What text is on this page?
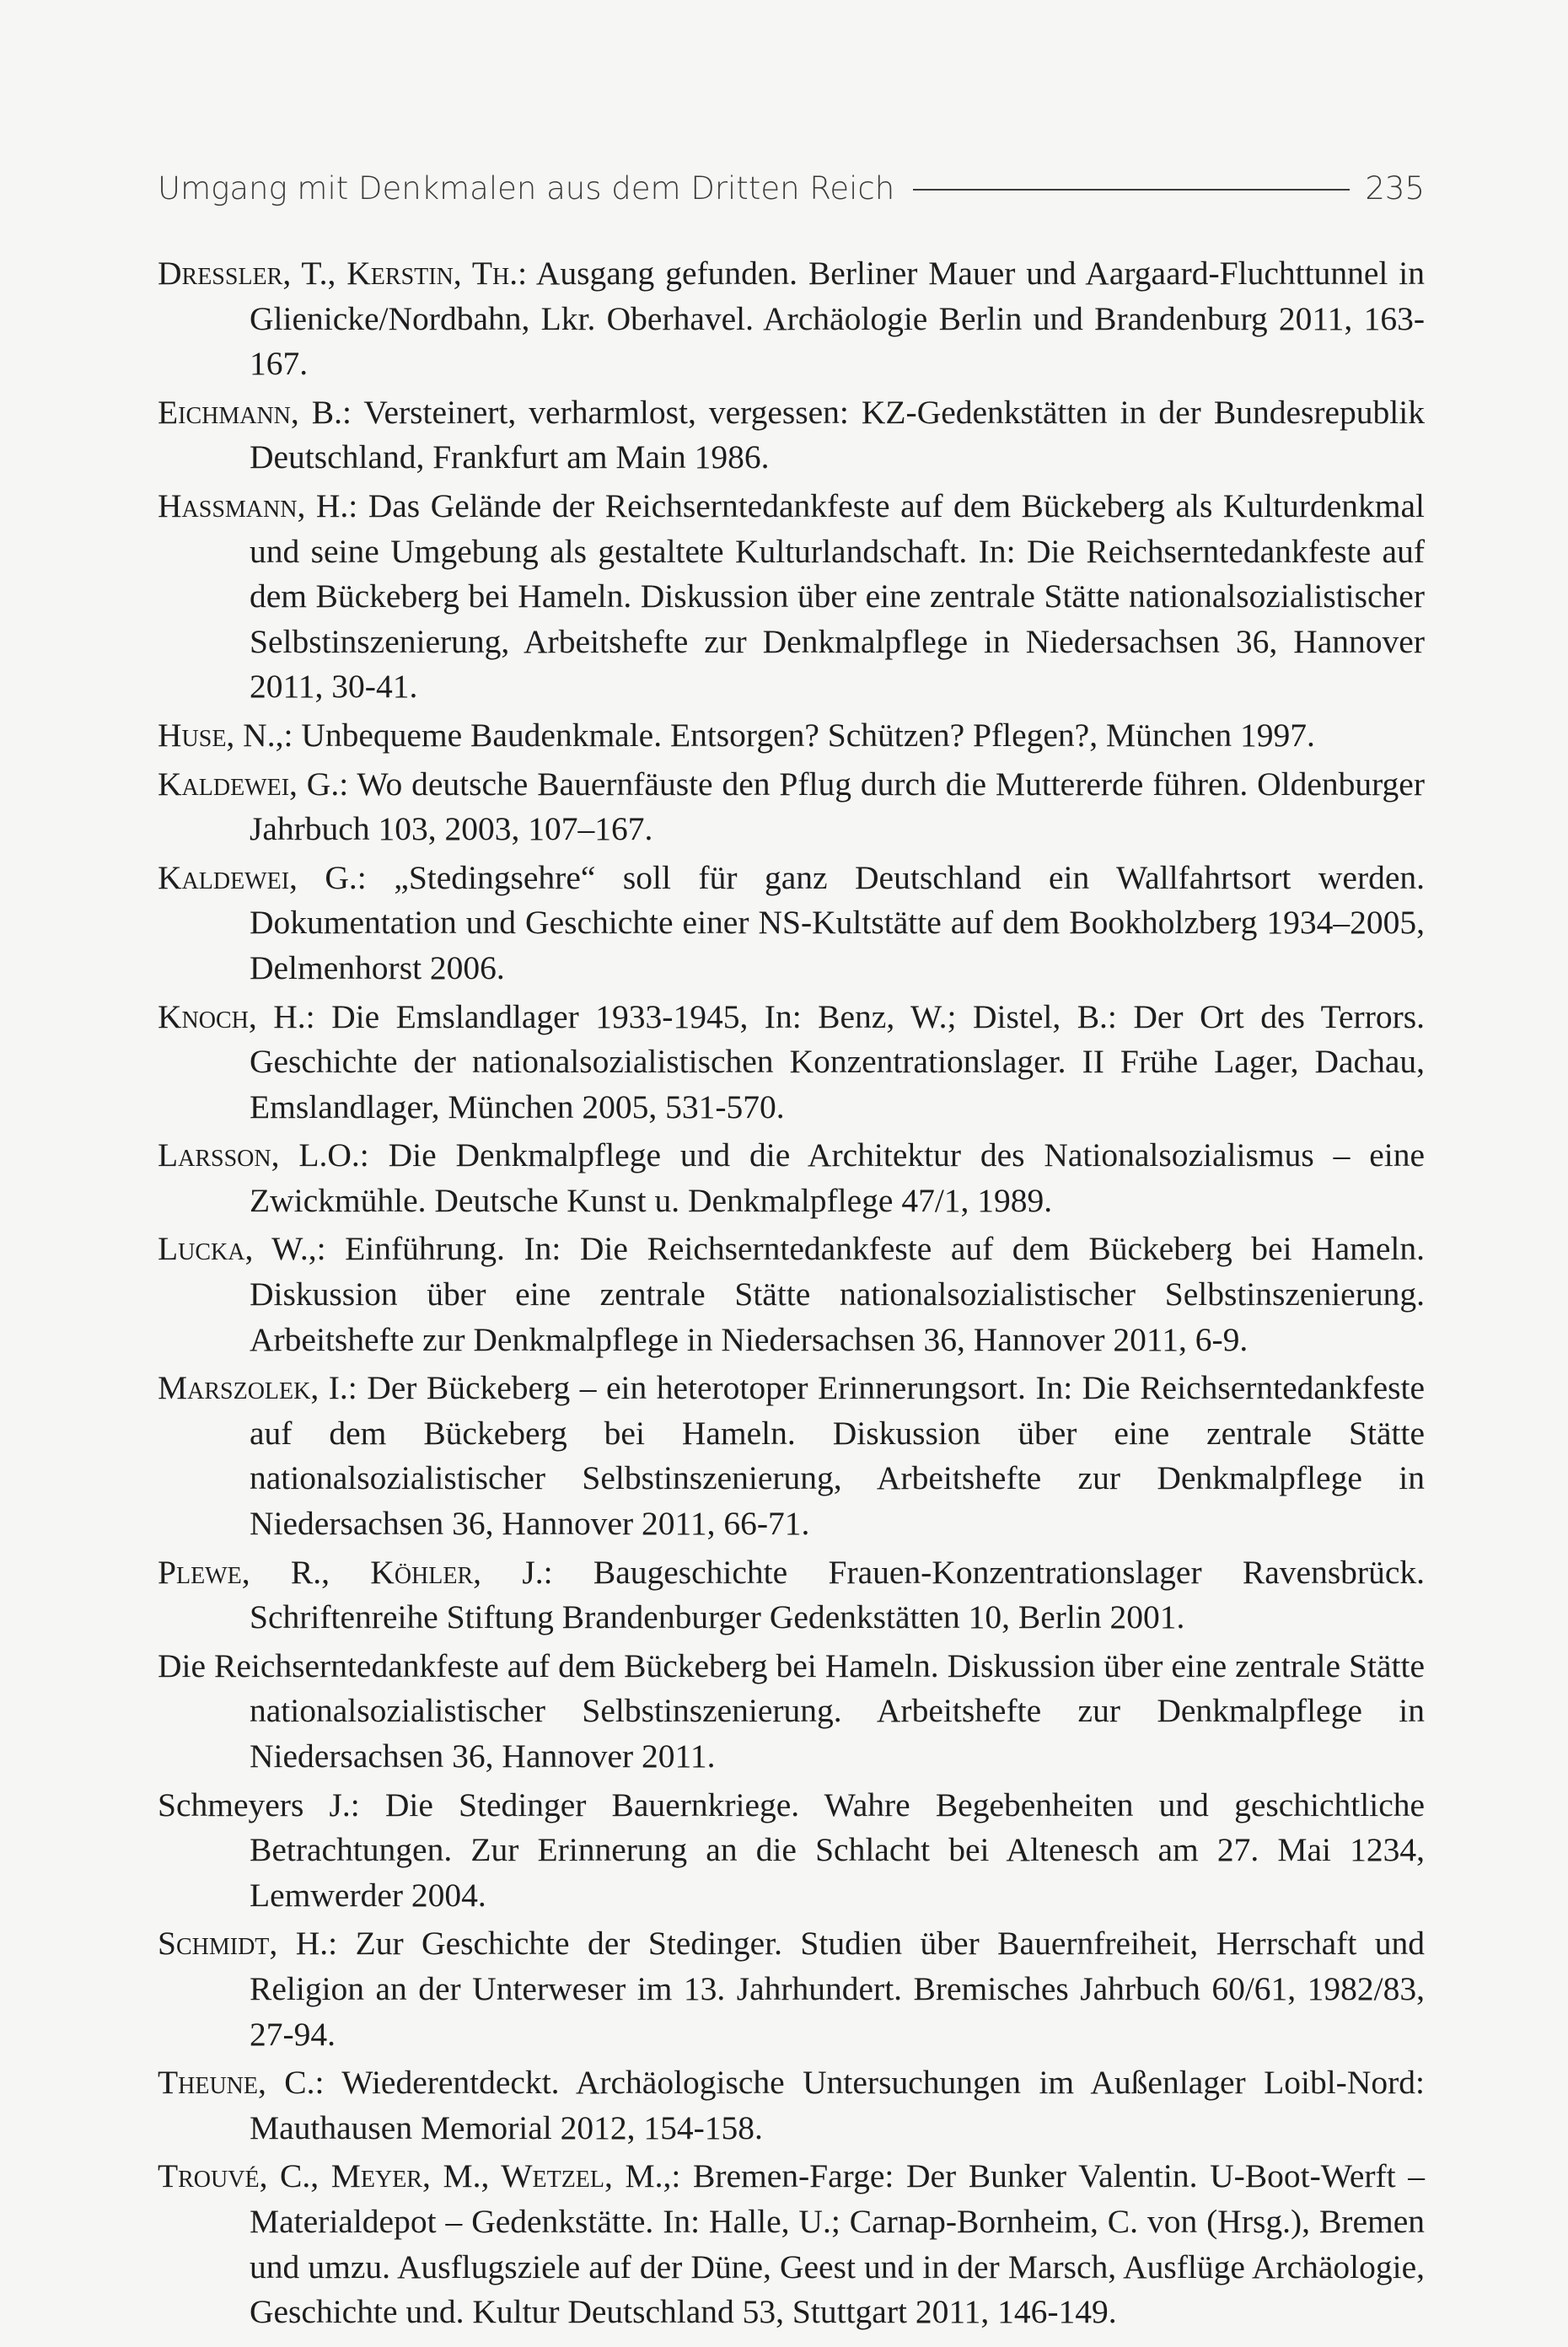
Umgang mit Denkmalen aus dem Dritten Reich	235
Dressler, T., Kerstin, Th.: Ausgang gefunden. Berliner Mauer und Aargaard-Fluchttunnel in Glienicke/Nordbahn, Lkr. Oberhavel. Archäologie Berlin und Brandenburg 2011, 163-167.
Eichmann, B.: Versteinert, verharmlost, vergessen: KZ-Gedenkstätten in der Bundesrepublik Deutschland, Frankfurt am Main 1986.
Haßmann, H.: Das Gelände der Reichserntedankfeste auf dem Bückeberg als Kulturdenkmal und seine Umgebung als gestaltete Kulturlandschaft. In: Die Reichserntedankfeste auf dem Bückeberg bei Hameln. Diskussion über eine zentrale Stätte nationalsozialistischer Selbstinszenierung, Arbeitshefte zur Denkmalpflege in Niedersachsen 36, Hannover 2011, 30-41.
Huse, N.,: Unbequeme Baudenkmale. Entsorgen? Schützen? Pflegen?, München 1997.
Kaldewei, G.: Wo deutsche Bauernfäuste den Pflug durch die Muttererde führen. Oldenburger Jahrbuch 103, 2003, 107–167.
Kaldewei, G.: „Stedingsehre“ soll für ganz Deutschland ein Wallfahrtsort werden. Dokumentation und Geschichte einer NS-Kultstätte auf dem Bookholzberg 1934–2005, Delmenhorst 2006.
Knoch, H.: Die Emslandlager 1933-1945, In: Benz, W.; Distel, B.: Der Ort des Terrors. Geschichte der nationalsozialistischen Konzentrationslager. II Frühe Lager, Dachau, Emslandlager, München 2005, 531-570.
Larsson, L.O.: Die Denkmalpflege und die Architektur des Nationalsozialismus – eine Zwickmühle. Deutsche Kunst u. Denkmalpflege 47/1, 1989.
Lucka, W.,: Einführung. In: Die Reichserntedankfeste auf dem Bückeberg bei Hameln. Diskussion über eine zentrale Stätte nationalsozialistischer Selbstinszenierung. Arbeitshefte zur Denkmalpflege in Niedersachsen 36, Hannover 2011, 6-9.
Marszolek, I.: Der Bückeberg – ein heterotoper Erinnerungsort. In: Die Reichserntedankfeste auf dem Bückeberg bei Hameln. Diskussion über eine zentrale Stätte nationalsozialistischer Selbstinszenierung, Arbeitshefte zur Denkmalpflege in Niedersachsen 36, Hannover 2011, 66-71.
Plewe, R., Köhler, J.: Baugeschichte Frauen-Konzentrationslager Ravensbrück. Schriftenreihe Stiftung Brandenburger Gedenkstätten 10, Berlin 2001.
Die Reichserntedankfeste auf dem Bückeberg bei Hameln. Diskussion über eine zentrale Stätte nationalsozialistischer Selbstinszenierung. Arbeitshefte zur Denkmalpflege in Niedersachsen 36, Hannover 2011.
Schmeyers J.: Die Stedinger Bauernkriege. Wahre Begebenheiten und geschichtliche Betrachtungen. Zur Erinnerung an die Schlacht bei Altenesch am 27. Mai 1234, Lemwerder 2004.
Schmidt, H.: Zur Geschichte der Stedinger. Studien über Bauernfreiheit, Herrschaft und Religion an der Unterweser im 13. Jahrhundert. Bremisches Jahrbuch 60/61, 1982/83, 27-94.
Theune, C.: Wiederentdeckt. Archäologische Untersuchungen im Außenlager Loibl-Nord: Mauthausen Memorial 2012, 154-158.
Trouvé, C., Meyer, M., Wetzel, M.,: Bremen-Farge: Der Bunker Valentin. U-Boot-Werft – Materialdepot – Gedenkstätte. In: Halle, U.; Carnap-Bornheim, C. von (Hrsg.), Bremen und umzu. Ausflugsziele auf der Düne, Geest und in der Marsch, Ausflüge Archäologie, Geschichte und. Kultur Deutschland 53, Stuttgart 2011, 146-149.
